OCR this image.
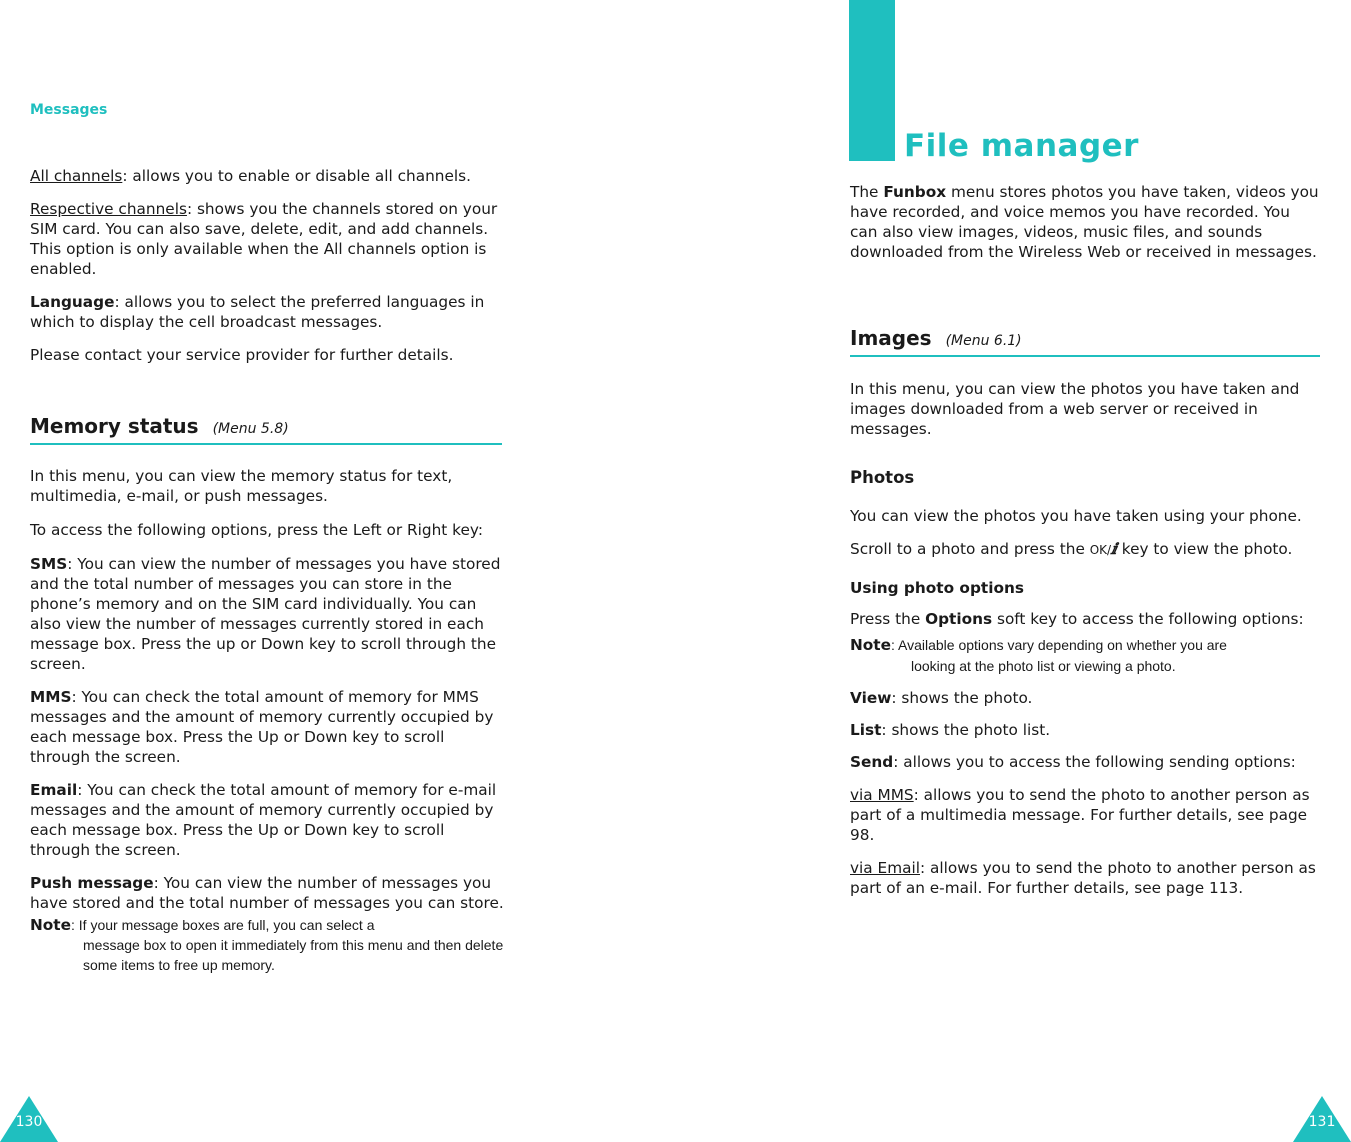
Messages

All channels: allows you to enable or disable all channels.

Respective channels: shows you the channels stored on your SIM card. You can also save, delete, edit, and add channels. This option is only available when the All channels option is enabled.

Language: allows you to select the preferred languages in which to display the cell broadcast messages.

Please contact your service provider for further details.

Memory status (Menu 5.8)

In this menu, you can view the memory status for text, multimedia, e-mail, or push messages.

To access the following options, press the Left or Right key:

SMS: You can view the number of messages you have stored and the total number of messages you can store in the phone’s memory and on the SIM card individually. You can also view the number of messages currently stored in each message box. Press the up or Down key to scroll through the screen.

MMS: You can check the total amount of memory for MMS messages and the amount of memory currently occupied by each message box. Press the Up or Down key to scroll through the screen.

Email: You can check the total amount of memory for e-mail messages and the amount of memory currently occupied by each message box. Press the Up or Down key to scroll through the screen.

Push message: You can view the number of messages you have stored and the total number of messages you can store.

Note: If your message boxes are full, you can select a
message box to open it immediately from this menu and then delete some items to free up memory.

130
File manager

The Funbox menu stores photos you have taken, videos you have recorded, and voice memos you have recorded. You can also view images, videos, music files, and sounds downloaded from the Wireless Web or received in messages.

Images (Menu 6.1)

In this menu, you can view the photos you have taken and images downloaded from a web server or received in messages.

Photos

You can view the photos you have taken using your phone.

Scroll to a photo and press the OK/ⅈ key to view the photo.

Using photo options

Press the Options soft key to access the following options:

Note: Available options vary depending on whether you are
looking at the photo list or viewing a photo.

View: shows the photo.

List: shows the photo list.

Send: allows you to access the following sending options:

via MMS: allows you to send the photo to another person as part of a multimedia message. For further details, see page 98.

via Email: allows you to send the photo to another person as part of an e-mail. For further details, see page 113.

131
